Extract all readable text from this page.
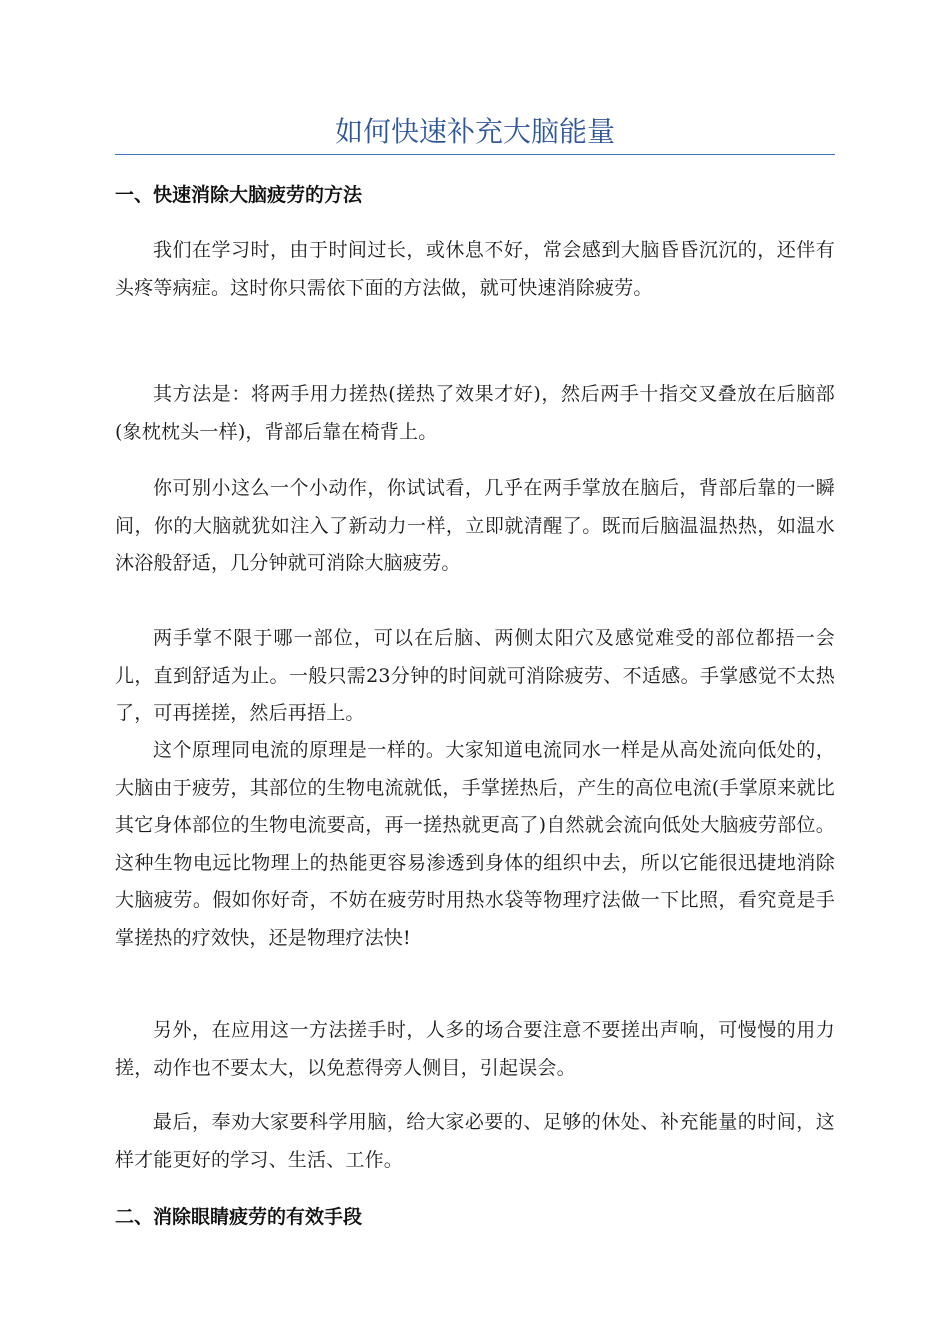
如何快速补充大脑能量
一、快速消除大脑疲劳的方法
我们在学习时，由于时间过长，或休息不好，常会感到大脑昏昏沉沉的，还伴有头疼等病症。这时你只需依下面的方法做，就可快速消除疲劳。
其方法是：将两手用力搓热(搓热了效果才好)，然后两手十指交叉叠放在后脑部(象枕枕头一样)，背部后靠在椅背上。
你可别小这么一个小动作，你试试看，几乎在两手掌放在脑后，背部后靠的一瞬间，你的大脑就犹如注入了新动力一样，立即就清醒了。既而后脑温温热热，如温水沐浴般舒适，几分钟就可消除大脑疲劳。
两手掌不限于哪一部位，可以在后脑、两侧太阳穴及感觉难受的部位都捂一会儿，直到舒适为止。一般只需23分钟的时间就可消除疲劳、不适感。手掌感觉不太热了，可再搓搓，然后再捂上。
这个原理同电流的原理是一样的。大家知道电流同水一样是从高处流向低处的，大脑由于疲劳，其部位的生物电流就低，手掌搓热后，产生的高位电流(手掌原来就比其它身体部位的生物电流要高，再一搓热就更高了)自然就会流向低处大脑疲劳部位。这种生物电远比物理上的热能更容易渗透到身体的组织中去，所以它能很迅捷地消除大脑疲劳。假如你好奇，不妨在疲劳时用热水袋等物理疗法做一下比照，看究竟是手掌搓热的疗效快，还是物理疗法快!
另外，在应用这一方法搓手时，人多的场合要注意不要搓出声响，可慢慢的用力搓，动作也不要太大，以免惹得旁人侧目，引起误会。
最后，奉劝大家要科学用脑，给大家必要的、足够的休处、补充能量的时间，这样才能更好的学习、生活、工作。
二、消除眼睛疲劳的有效手段
